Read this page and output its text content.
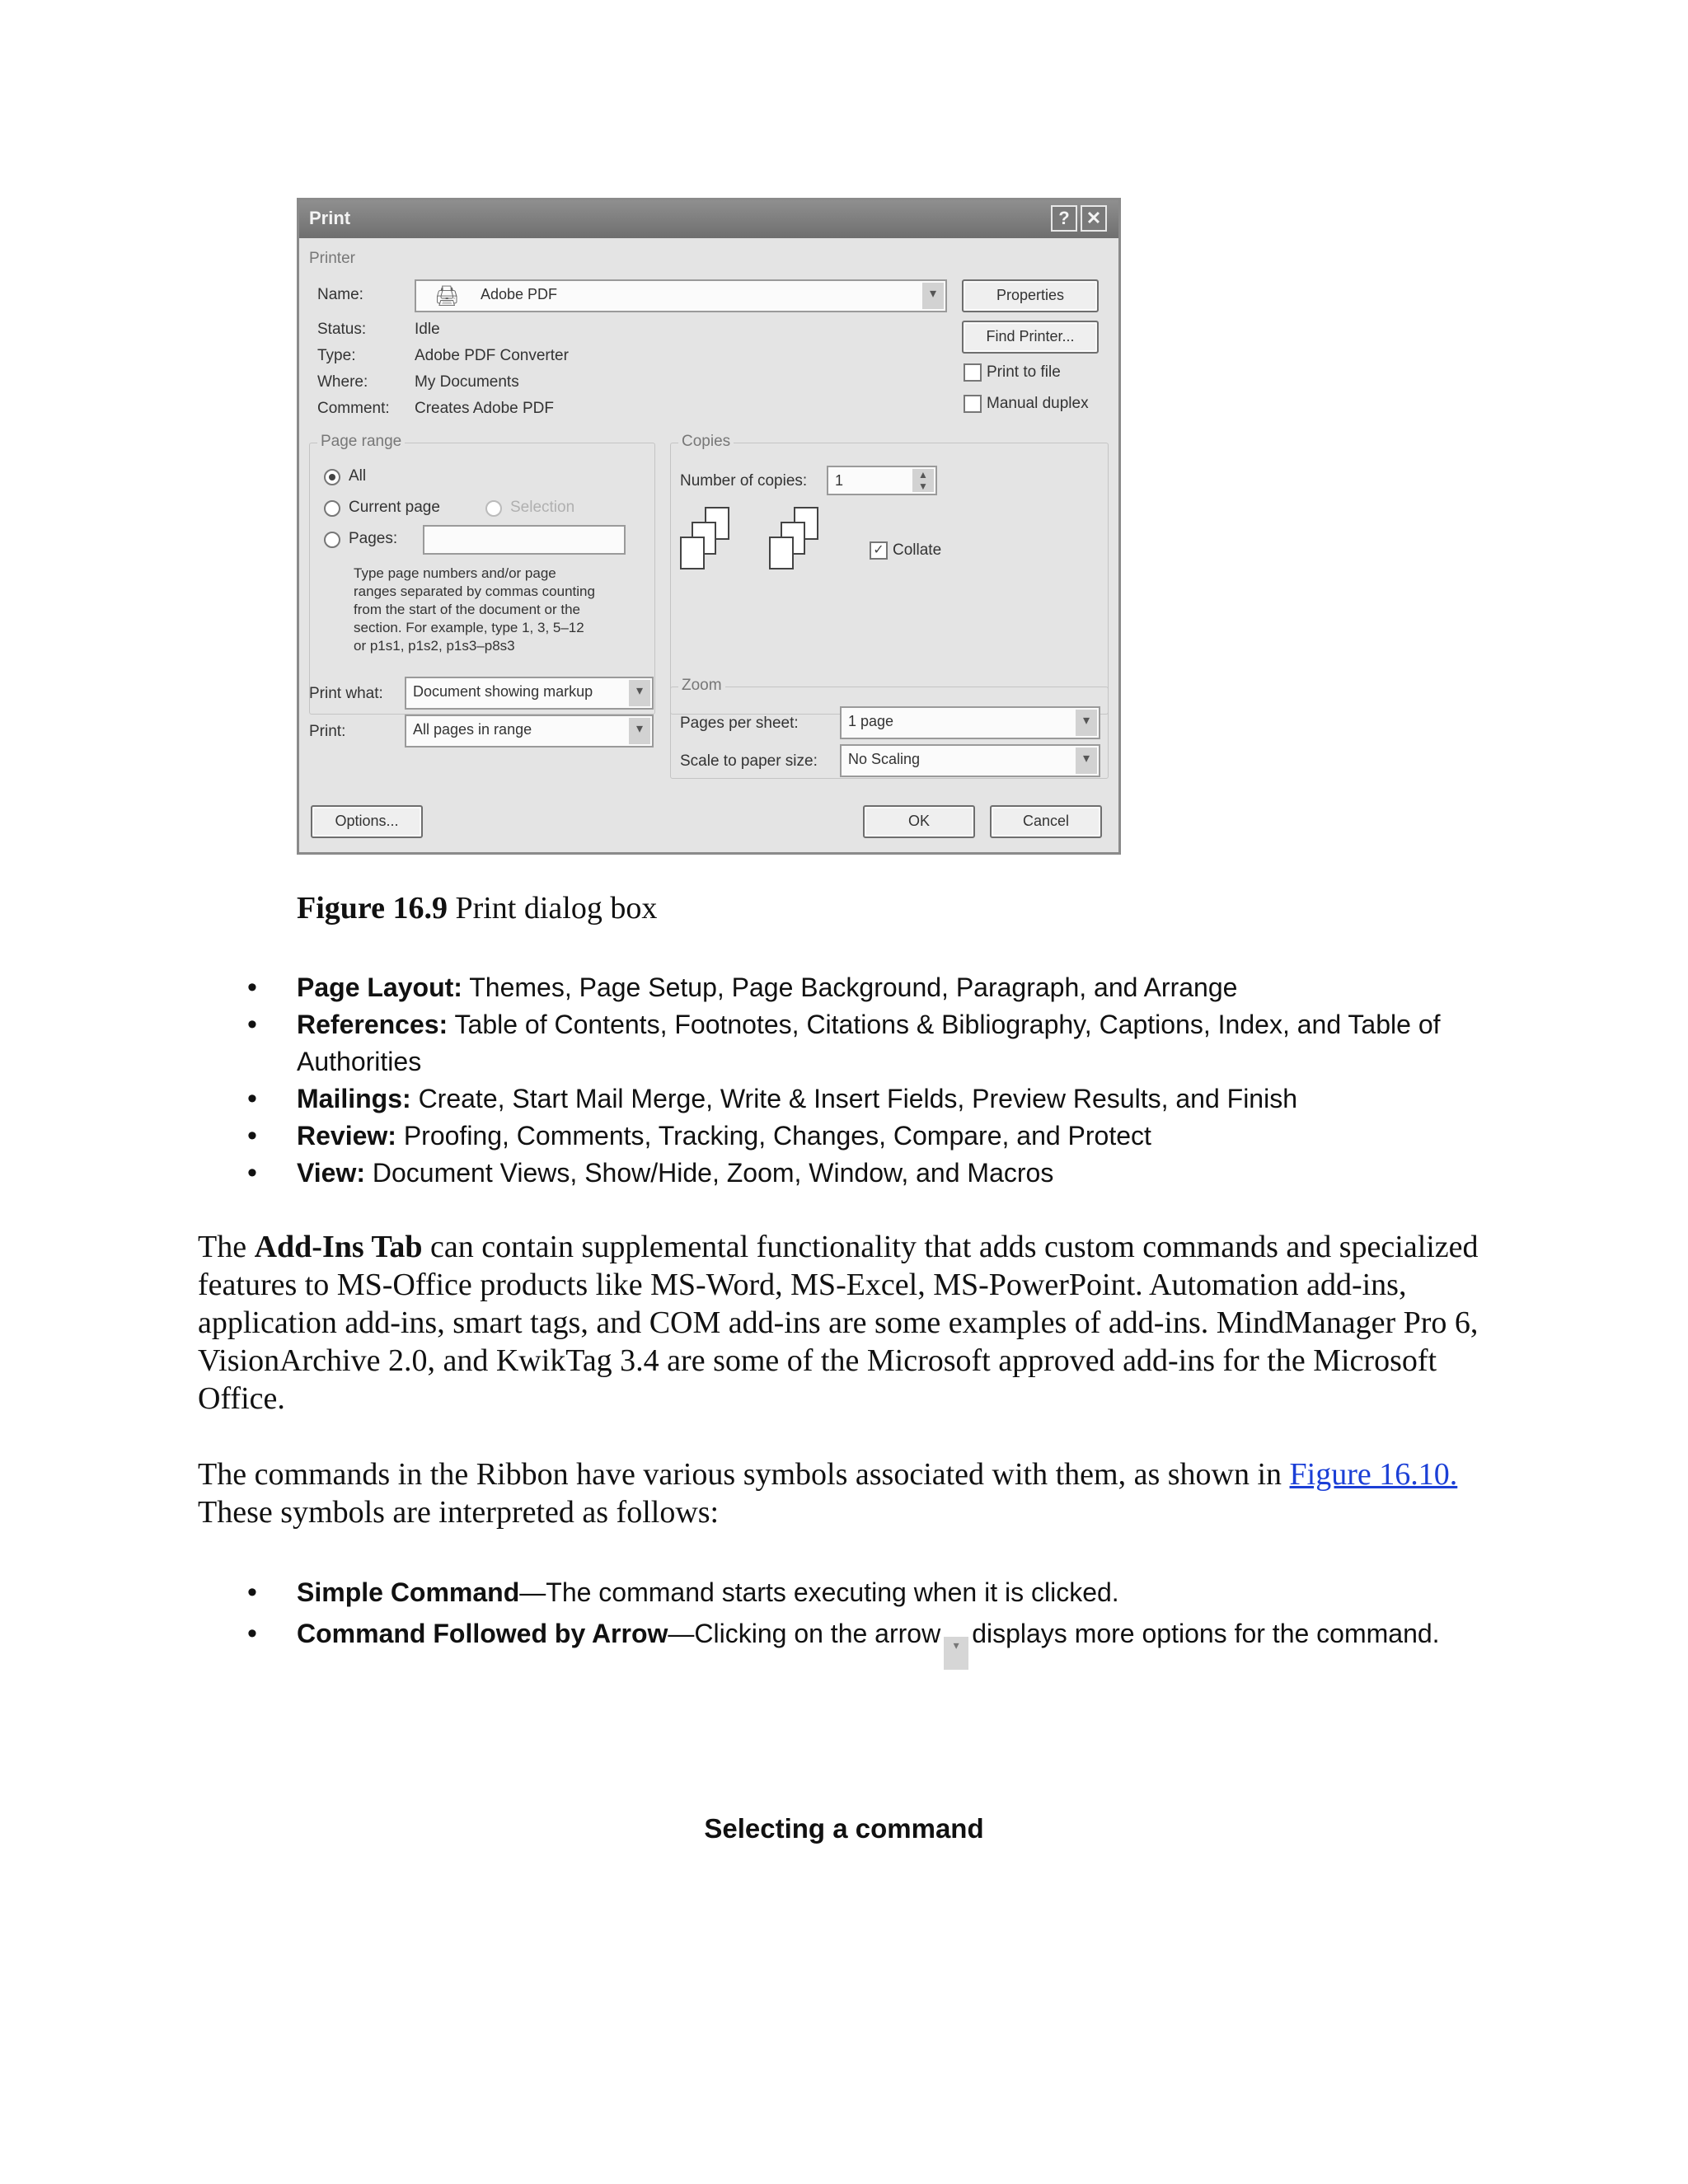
Print	? ✕
Printer
Name:	🖨 Adobe PDF	▾	Properties
Status:	Idle	Find Printer...
Type:	Adobe PDF Converter
Print to file
Where:	My Documents
Manual duplex
Comment: Creates Adobe PDF
Page range
All
Current page	Selection
Pages:
Type page numbers and/or page
ranges separated by commas counting
from the start of the document or the
section. For example, type 1, 3, 5–12
or p1s1, p1s2, p1s3–p8s3
Copies
Number of copies:	1	▲
▼
✓ Collate
Print what:	Document showing markup	▾
Print:	All pages in range	▾
Zoom
Pages per sheet:	1 page	▾
Scale to paper size:	No Scaling	▾
Options...	OK	Cancel
Figure 16.9 Print dialog box
• Page Layout: Themes, Page Setup, Page Background, Paragraph, and Arrange
• References: Table of Contents, Footnotes, Citations & Bibliography, Captions, Index, and Table of Authorities
• Mailings: Create, Start Mail Merge, Write & Insert Fields, Preview Results, and Finish
• Review: Proofing, Comments, Tracking, Changes, Compare, and Protect
• View: Document Views, Show/Hide, Zoom, Window, and Macros

The Add-Ins Tab can contain supplemental functionality that adds custom commands and specialized features to MS-Office products like MS-Word, MS-Excel, MS-PowerPoint. Automation add-ins, application add-ins, smart tags, and COM add-ins are some examples of add-ins. MindManager Pro 6, VisionArchive 2.0, and KwikTag 3.4 are some of the Microsoft approved add-ins for the Microsoft Office.

The commands in the Ribbon have various symbols associated with them, as shown in Figure 16.10. These symbols are interpreted as follows:

• Simple Command—The command starts executing when it is clicked.
• Command Followed by Arrow—Clicking on the arrow ▾ displays more options for the command.
Selecting a command
